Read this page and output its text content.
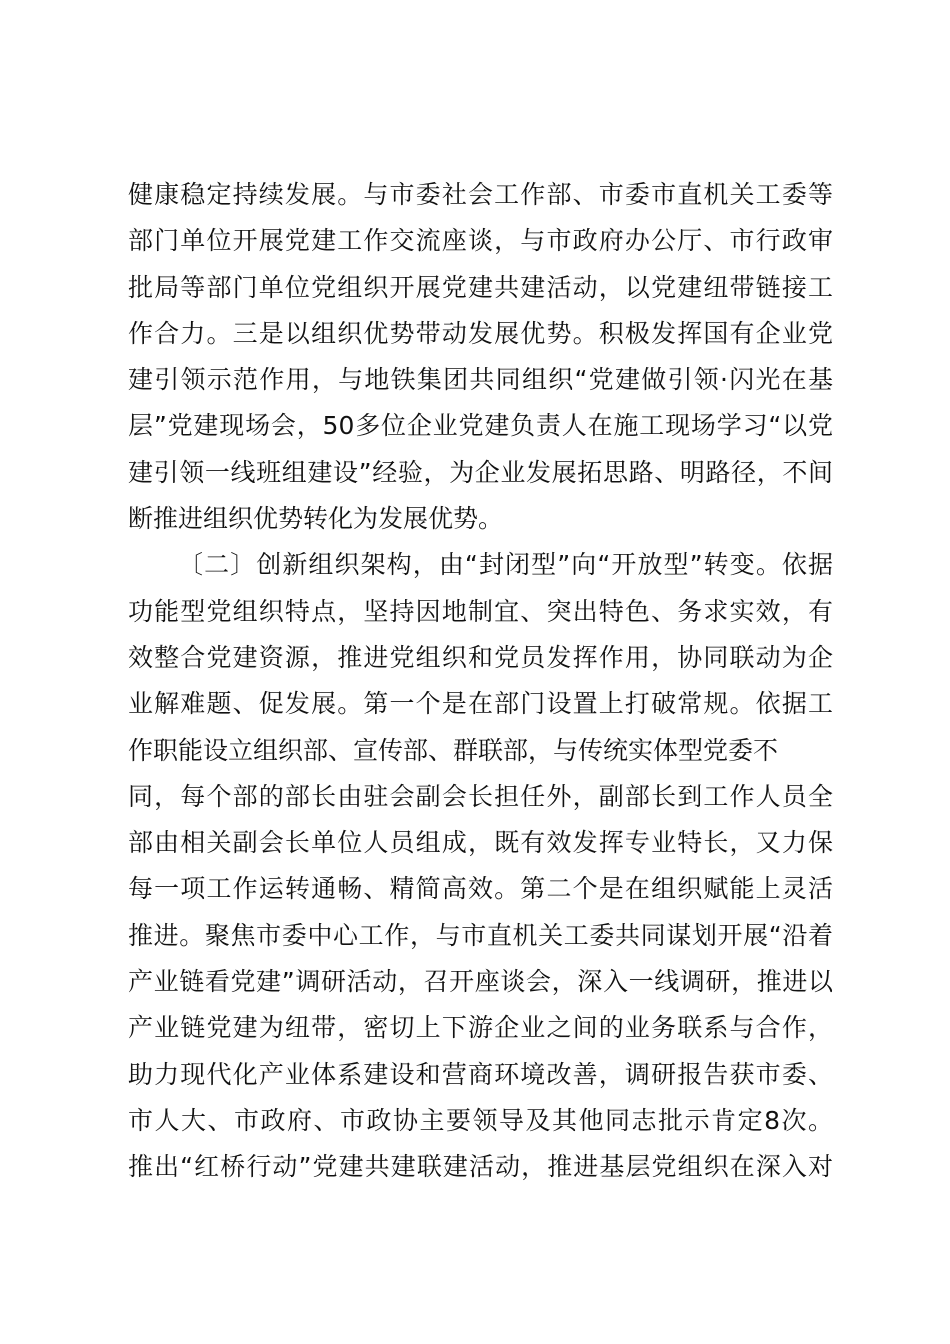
健康稳定持续发展。与市委社会工作部、市委市直机关工委等
部门单位开展党建工作交流座谈，与市政府办公厅、市行政审
批局等部门单位党组织开展党建共建活动，以党建纽带链接工
作合力。三是以组织优势带动发展优势。积极发挥国有企业党
建引领示范作用，与地铁集团共同组织“党建做引领·闪光在基
层”党建现场会，50多位企业党建负责人在施工现场学习“以党
建引领一线班组建设”经验，为企业发展拓思路、明路径，不间
断推进组织优势转化为发展优势。
〔二〕创新组织架构，由“封闭型”向“开放型”转变。依据
功能型党组织特点，坚持因地制宜、突出特色、务求实效，有
效整合党建资源，推进党组织和党员发挥作用，协同联动为企
业解难题、促发展。第一个是在部门设置上打破常规。依据工
作职能设立组织部、宣传部、群联部，与传统实体型党委不
同，每个部的部长由驻会副会长担任外，副部长到工作人员全
部由相关副会长单位人员组成，既有效发挥专业特长，又力保
每一项工作运转通畅、精简高效。第二个是在组织赋能上灵活
推进。聚焦市委中心工作，与市直机关工委共同谋划开展“沿着
产业链看党建”调研活动，召开座谈会，深入一线调研，推进以
产业链党建为纽带，密切上下游企业之间的业务联系与合作，
助力现代化产业体系建设和营商环境改善，调研报告获市委、
市人大、市政府、市政协主要领导及其他同志批示肯定8次。
推出“红桥行动”党建共建联建活动，推进基层党组织在深入对
